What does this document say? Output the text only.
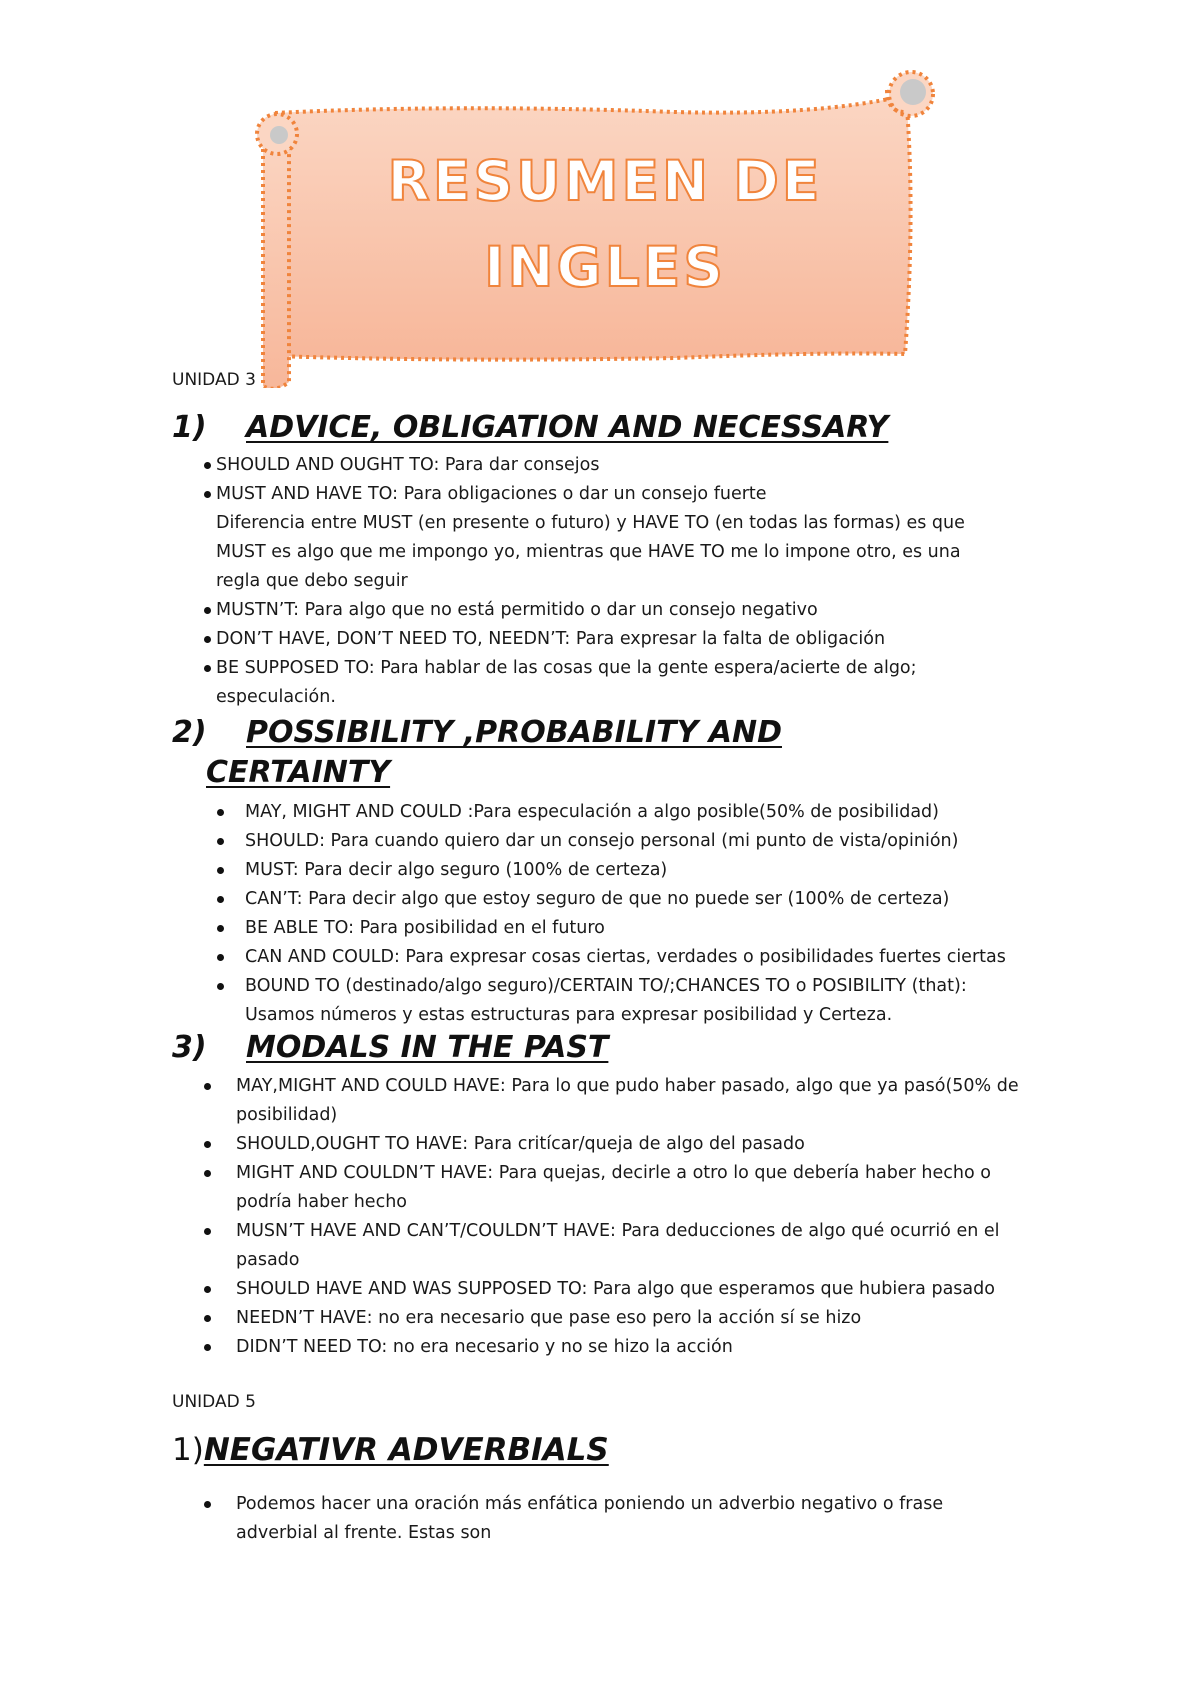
RESUMEN DE
INGLES
UNIDAD 3
1) ADVICE, OBLIGATION AND NECESSARY
SHOULD AND OUGHT TO: Para dar consejos
MUST AND HAVE TO: Para obligaciones o dar un consejo fuerte
Diferencia entre MUST (en presente o futuro) y HAVE TO (en todas las formas) es que MUST es algo que me impongo yo, mientras que HAVE TO me lo impone otro, es una regla que debo seguir
MUSTN’T: Para algo que no está permitido o dar un consejo negativo
DON’T HAVE, DON’T NEED TO, NEEDN’T: Para expresar la falta de obligación
BE SUPPOSED TO: Para hablar de las cosas que la gente espera/acierte de algo; especulación.
2) POSSIBILITY ,PROBABILITY AND
CERTAINTY
MAY, MIGHT AND COULD :Para especulación a algo posible(50% de posibilidad)
SHOULD: Para cuando quiero dar un consejo personal (mi punto de vista/opinión)
MUST: Para decir algo seguro (100% de certeza)
CAN’T: Para decir algo que estoy seguro de que no puede ser (100% de certeza)
BE ABLE TO: Para posibilidad en el futuro
CAN AND COULD: Para expresar cosas ciertas, verdades o posibilidades fuertes ciertas
BOUND TO (destinado/algo seguro)/CERTAIN TO/;CHANCES TO o POSIBILITY (that): Usamos números y estas estructuras para expresar posibilidad y Certeza.
3) MODALS IN THE PAST
MAY,MIGHT AND COULD HAVE: Para lo que pudo haber pasado, algo que ya pasó(50% de posibilidad)
SHOULD,OUGHT TO HAVE: Para critícar/queja de algo del pasado
MIGHT AND COULDN’T HAVE: Para quejas, decirle a otro lo que debería haber hecho o podría haber hecho
MUSN’T HAVE AND CAN’T/COULDN’T HAVE: Para deducciones de algo qué ocurrió en el pasado
SHOULD HAVE AND WAS SUPPOSED TO: Para algo que esperamos que hubiera pasado
NEEDN’T HAVE: no era necesario que pase eso pero la acción sí se hizo
DIDN’T NEED TO: no era necesario y no se hizo la acción
UNIDAD 5
1)NEGATIVR ADVERBIALS
Podemos hacer una oración más enfática poniendo un adverbio negativo o frase adverbial al frente. Estas son
